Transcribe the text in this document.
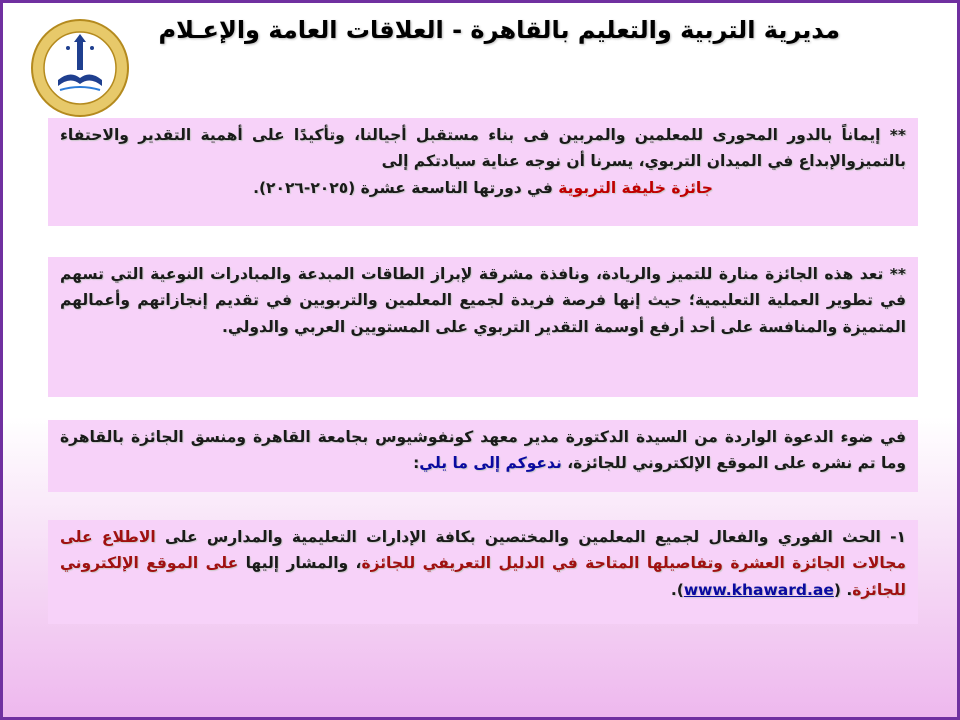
مديرية التربية والتعليم بالقاهرة - العلاقات العامة والإعـلام
** إيماناً بالدور المحورى للمعلمين والمربين فى بناء مستقبل أجيالنا، وتأكيدًا على أهمية التقدير والاحتفاء بالتميزوالإبداع في الميدان التربوي، يسرنا أن نوجه عناية سيادتكم إلى
جائزة خليفة التربوية في دورتها التاسعة عشرة (٢٠٢٥-٢٠٢٦).
** تعد هذه الجائزة منارة للتميز والريادة، ونافذة مشرقة لإبراز الطاقات المبدعة والمبادرات النوعية التي تسهم في تطوير العملية التعليمية؛ حيث إنها فرصة فريدة لجميع المعلمين والتربويين في تقديم إنجازاتهم وأعمالهم المتميزة والمنافسة على أحد أرفع أوسمة التقدير التربوي على المستويين العربي والدولي.
في ضوء الدعوة الواردة من السيدة الدكتورة مدير معهد كونفوشيوس بجامعة القاهرة ومنسق الجائزة بالقاهرة وما تم نشره على الموقع الإلكتروني للجائزة، ندعوكم إلى ما يلي:
١- الحث الفوري والفعال لجميع المعلمين والمختصين بكافة الإدارات التعليمية والمدارس على الاطلاع على مجالات الجائزة العشرة وتفاصيلها المتاحة في الدليل التعريفي للجائزة، والمشار إليها على الموقع الإلكتروني للجائزة. (www.khaward.ae).
